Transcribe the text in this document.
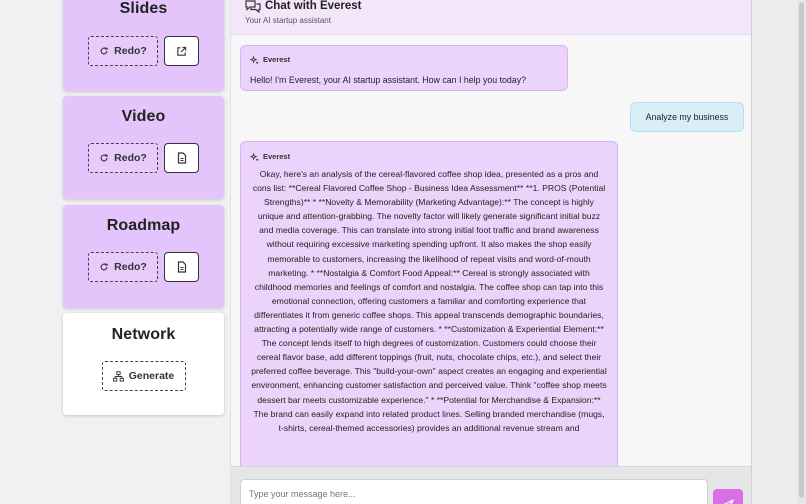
Slides
Redo?
Video
Redo?
Roadmap
Redo?
Network
Generate
Chat with Everest
Your AI startup assistant
Everest
Hello! I'm Everest, your AI startup assistant. How can I help you today?
Analyze my business
Everest
Okay, here's an analysis of the cereal-flavored coffee shop idea, presented as a pros and cons list: **Cereal Flavored Coffee Shop - Business Idea Assessment** **1. PROS (Potential Strengths)** * **Novelty & Memorability (Marketing Advantage):** The concept is highly unique and attention-grabbing. The novelty factor will likely generate significant initial buzz and media coverage. This can translate into strong initial foot traffic and brand awareness without requiring excessive marketing spending upfront. It also makes the shop easily memorable to customers, increasing the likelihood of repeat visits and word-of-mouth marketing. * **Nostalgia & Comfort Food Appeal:** Cereal is strongly associated with childhood memories and feelings of comfort and nostalgia. The coffee shop can tap into this emotional connection, offering customers a familiar and comforting experience that differentiates it from generic coffee shops. This appeal transcends demographic boundaries, attracting a potentially wide range of customers. * **Customization & Experiential Element:** The concept lends itself to high degrees of customization. Customers could choose their cereal flavor base, add different toppings (fruit, nuts, chocolate chips, etc.), and select their preferred coffee beverage. This "build-your-own" aspect creates an engaging and experiential environment, enhancing customer satisfaction and perceived value. Think "coffee shop meets dessert bar meets customizable experience." * **Potential for Merchandise & Expansion:** The brand can easily expand into related product lines. Selling branded merchandise (mugs, t-shirts, cereal-themed accessories) provides an additional revenue stream and
Type your message here...
